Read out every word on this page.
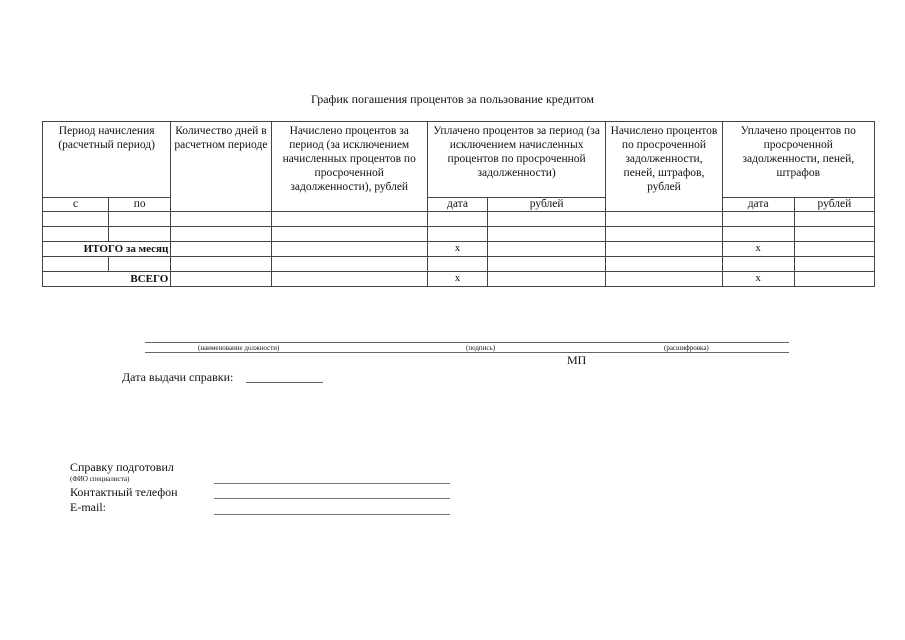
График погашения процентов за пользование кредитом
Период начисления (расчетный период)		Количество дней в расчетном периоде	Начислено процентов за период (за исключением начисленных процентов по просроченной задолженности), рублей	Уплачено процентов за период (за исключением начисленных процентов по просроченной задолженности)		Начислено процентов по просроченной задолженности, пеней, штрафов, рублей	Уплачено процентов по просроченной задолженности, пеней, штрафов	
с	по			дата	рублей		дата	рублей

ИТОГО за месяц				х			х	

ВСЕГО				х			х	
(наименование должности)	(подпись)	(расшифровка)
МП
Дата выдачи справки:
Справку подготовил
(ФИО специалиста)
Контактный телефон
E-mail:
